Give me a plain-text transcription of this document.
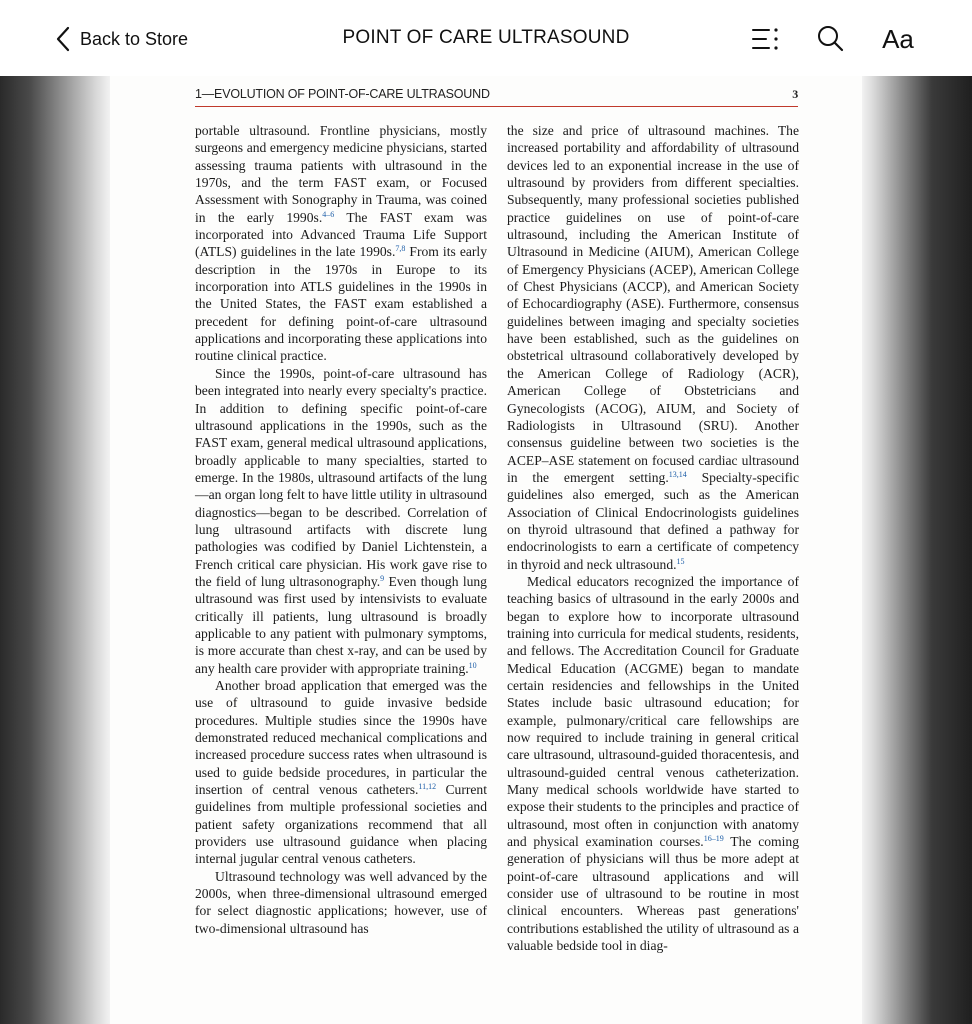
Back to Store	POINT OF CARE ULTRASOUND	Aa
1—EVOLUTION OF POINT-OF-CARE ULTRASOUND	3

portable ultrasound. Frontline physicians, mostly surgeons and emergency medicine physicians, started assessing trauma patients with ultrasound in the 1970s, and the term FAST exam, or Focused Assessment with Sonography in Trauma, was coined in the early 1990s.$^{4-6}$ The FAST exam was incorporated into Advanced Trauma Life Support (ATLS) guidelines in the late 1990s.$^{7,8}$ From its early description in the 1970s in Europe to its incorporation into ATLS guidelines in the 1990s in the United States, the FAST exam established a precedent for defining point-of-care ultrasound applications and incorporating these applications into routine clinical practice.

Since the 1990s, point-of-care ultrasound has been integrated into nearly every specialty's practice. In addition to defining specific point-of-care ultrasound applications in the 1990s, such as the FAST exam, general medical ultrasound applications, broadly applicable to many specialties, started to emerge. In the 1980s, ultrasound artifacts of the lung—an organ long felt to have little utility in ultrasound diagnostics—began to be described. Correlation of lung ultrasound artifacts with discrete lung pathologies was codified by Daniel Lichtenstein, a French critical care physician. His work gave rise to the field of lung ultrasonography.$^9$ Even though lung ultrasound was first used by intensivists to evaluate critically ill patients, lung ultrasound is broadly applicable to any patient with pulmonary symptoms, is more accurate than chest x-ray, and can be used by any health care provider with appropriate training.$^{10}$

Another broad application that emerged was the use of ultrasound to guide invasive bedside procedures. Multiple studies since the 1990s have demonstrated reduced mechanical complications and increased procedure success rates when ultrasound is used to guide bedside procedures, in particular the insertion of central venous catheters.$^{11,12}$ Current guidelines from multiple professional societies and patient safety organizations recommend that all providers use ultrasound guidance when placing internal jugular central venous catheters.

Ultrasound technology was well advanced by the 2000s, when three-dimensional ultrasound emerged for select diagnostic applications; however, use of two-dimensional ultrasound has

the size and price of ultrasound machines. The increased portability and affordability of ultrasound devices led to an exponential increase in the use of ultrasound by providers from different specialties. Subsequently, many professional societies published practice guidelines on use of point-of-care ultrasound, including the American Institute of Ultrasound in Medicine (AIUM), American College of Emergency Physicians (ACEP), American College of Chest Physicians (ACCP), and American Society of Echocardiography (ASE). Furthermore, consensus guidelines between imaging and specialty societies have been established, such as the guidelines on obstetrical ultrasound collaboratively developed by the American College of Radiology (ACR), American College of Obstetricians and Gynecologists (ACOG), AIUM, and Society of Radiologists in Ultrasound (SRU). Another consensus guideline between two societies is the ACEP–ASE statement on focused cardiac ultrasound in the emergent setting.$^{13,14}$ Specialty-specific guidelines also emerged, such as the American Association of Clinical Endocrinologists guidelines on thyroid ultrasound that defined a pathway for endocrinologists to earn a certificate of competency in thyroid and neck ultrasound.$^{15}$

Medical educators recognized the importance of teaching basics of ultrasound in the early 2000s and began to explore how to incorporate ultrasound training into curricula for medical students, residents, and fellows. The Accreditation Council for Graduate Medical Education (ACGME) began to mandate certain residencies and fellowships in the United States include basic ultrasound education; for example, pulmonary/critical care fellowships are now required to include training in general critical care ultrasound, ultrasound-guided thoracentesis, and ultrasound-guided central venous catheterization. Many medical schools worldwide have started to expose their students to the principles and practice of ultrasound, most often in conjunction with anatomy and physical examination courses.$^{16-19}$ The coming generation of physicians will thus be more adept at point-of-care ultrasound applications and will consider use of ultrasound to be routine in most clinical encounters. Whereas past generations' contributions established the utility of ultrasound as a valuable bedside tool in diag-
